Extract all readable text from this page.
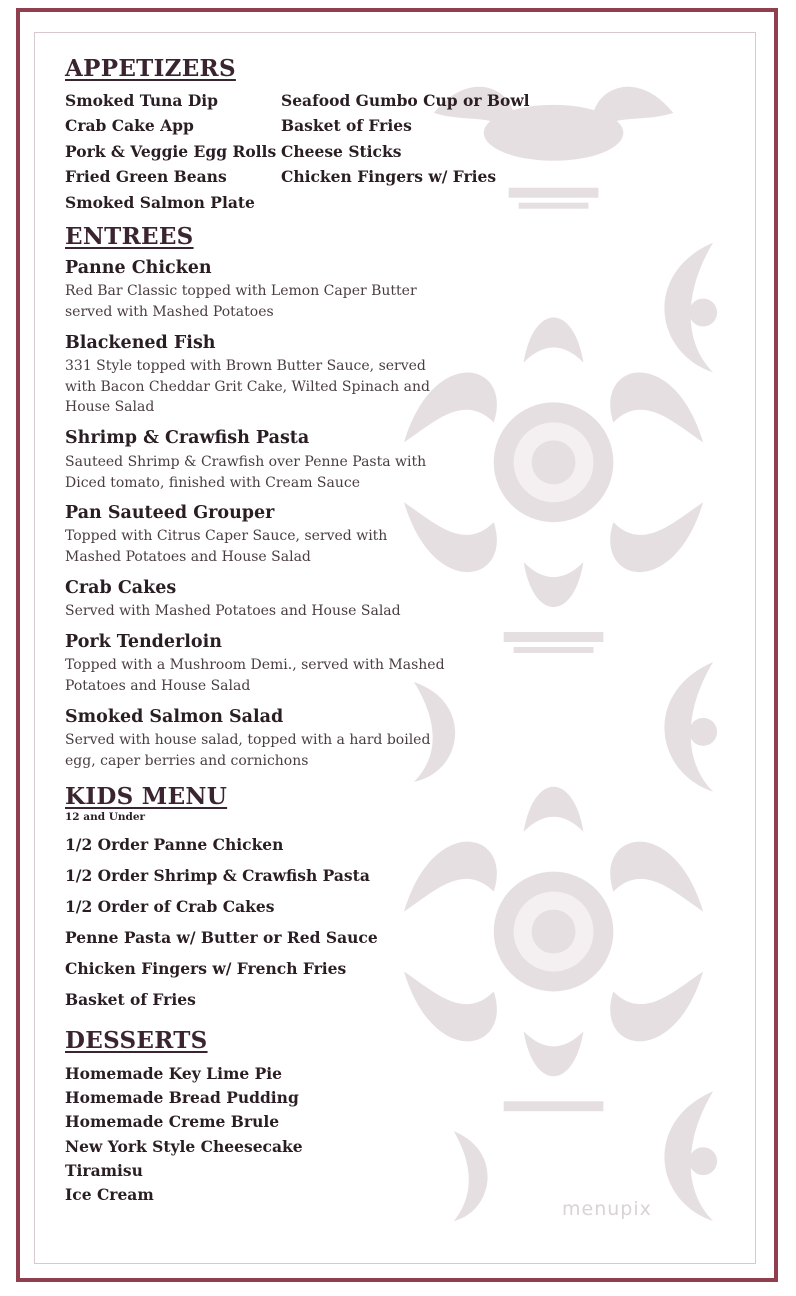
APPETIZERS
Smoked Tuna Dip
Crab Cake App
Pork & Veggie Egg Rolls
Fried Green Beans
Smoked Salmon Plate
Seafood Gumbo Cup or Bowl
Basket of Fries
Cheese Sticks
Chicken Fingers w/ Fries
ENTREES
Panne Chicken
Red Bar Classic topped with Lemon Caper Butter served with Mashed Potatoes
Blackened Fish
331 Style topped with Brown Butter Sauce, served with Bacon Cheddar Grit Cake, Wilted Spinach and House Salad
Shrimp & Crawfish Pasta
Sauteed Shrimp & Crawfish over Penne Pasta with Diced tomato, finished with Cream Sauce
Pan Sauteed Grouper
Topped with Citrus Caper Sauce, served with Mashed Potatoes and House Salad
Crab Cakes
Served with Mashed Potatoes and House Salad
Pork Tenderloin
Topped with a Mushroom Demi., served with Mashed Potatoes and House Salad
Smoked Salmon Salad
Served with house salad, topped with a hard boiled egg, caper berries and cornichons
KIDS MENU
12 and Under
1/2 Order Panne Chicken
1/2 Order Shrimp & Crawfish Pasta
1/2 Order of Crab Cakes
Penne Pasta w/ Butter or Red Sauce
Chicken Fingers w/ French Fries
Basket of Fries
DESSERTS
Homemade Key Lime Pie
Homemade Bread Pudding
Homemade Creme Brule
New York Style Cheesecake
Tiramisu
Ice Cream
menupix
